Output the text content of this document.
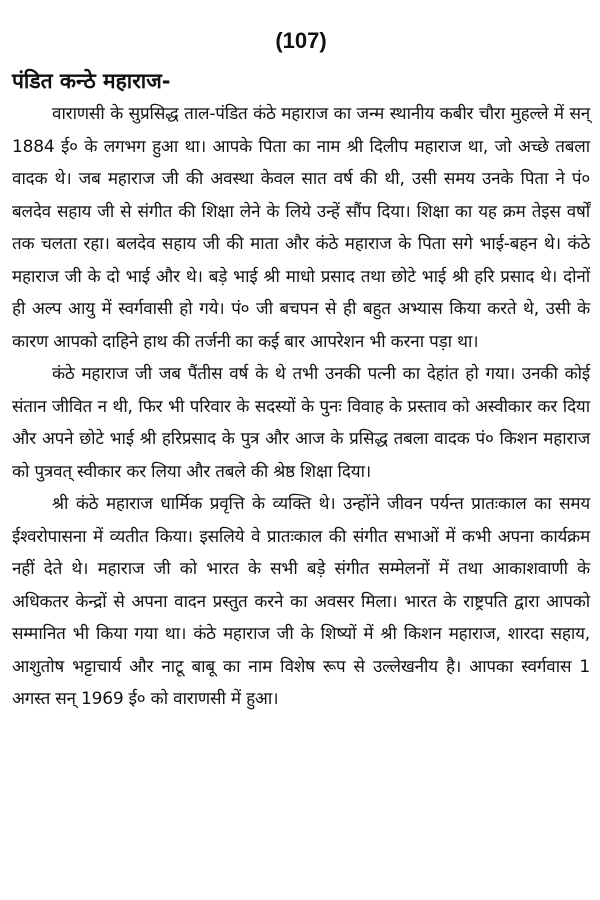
(107)
पंडित कन्ठे महाराज-

वाराणसी के सुप्रसिद्ध ताल-पंडित कंठे महाराज का जन्म स्थानीय कबीर चौरा मुहल्ले में सन् 1884 ई० के लगभग हुआ था। आपके पिता का नाम श्री दिलीप महाराज था, जो अच्छे तबला वादक थे। जब महाराज जी की अवस्था केवल सात वर्ष की थी, उसी समय उनके पिता ने पं० बलदेव सहाय जी से संगीत की शिक्षा लेने के लिये उन्हें सौंप दिया। शिक्षा का यह क्रम तेइस वर्षों तक चलता रहा। बलदेव सहाय जी की माता और कंठे महाराज के पिता सगे भाई-बहन थे। कंठे महाराज जी के दो भाई और थे। बड़े भाई श्री माधो प्रसाद तथा छोटे भाई श्री हरि प्रसाद थे। दोनों ही अल्प आयु में स्वर्गवासी हो गये। पं० जी बचपन से ही बहुत अभ्यास किया करते थे, उसी के कारण आपको दाहिने हाथ की तर्जनी का कई बार आपरेशन भी करना पड़ा था।

कंठे महाराज जी जब पैंतीस वर्ष के थे तभी उनकी पत्नी का देहांत हो गया। उनकी कोई संतान जीवित न थी, फिर भी परिवार के सदस्यों के पुनः विवाह के प्रस्ताव को अस्वीकार कर दिया और अपने छोटे भाई श्री हरिप्रसाद के पुत्र और आज के प्रसिद्ध तबला वादक पं० किशन महाराज को पुत्रवत् स्वीकार कर लिया और तबले की श्रेष्ठ शिक्षा दिया।

श्री कंठे महाराज धार्मिक प्रवृत्ति के व्यक्ति थे। उन्होंने जीवन पर्यन्त प्रातःकाल का समय ईश्वरोपासना में व्यतीत किया। इसलिये वे प्रातःकाल की संगीत सभाओं में कभी अपना कार्यक्रम नहीं देते थे। महाराज जी को भारत के सभी बड़े संगीत सम्मेलनों में तथा आकाशवाणी के अधिकतर केन्द्रों से अपना वादन प्रस्तुत करने का अवसर मिला। भारत के राष्ट्रपति द्वारा आपको सम्मानित भी किया गया था। कंठे महाराज जी के शिष्यों में श्री किशन महाराज, शारदा सहाय, आशुतोष भट्टाचार्य और नाटू बाबू का नाम विशेष रूप से उल्लेखनीय है। आपका स्वर्गवास 1 अगस्त सन् 1969 ई० को वाराणसी में हुआ।
